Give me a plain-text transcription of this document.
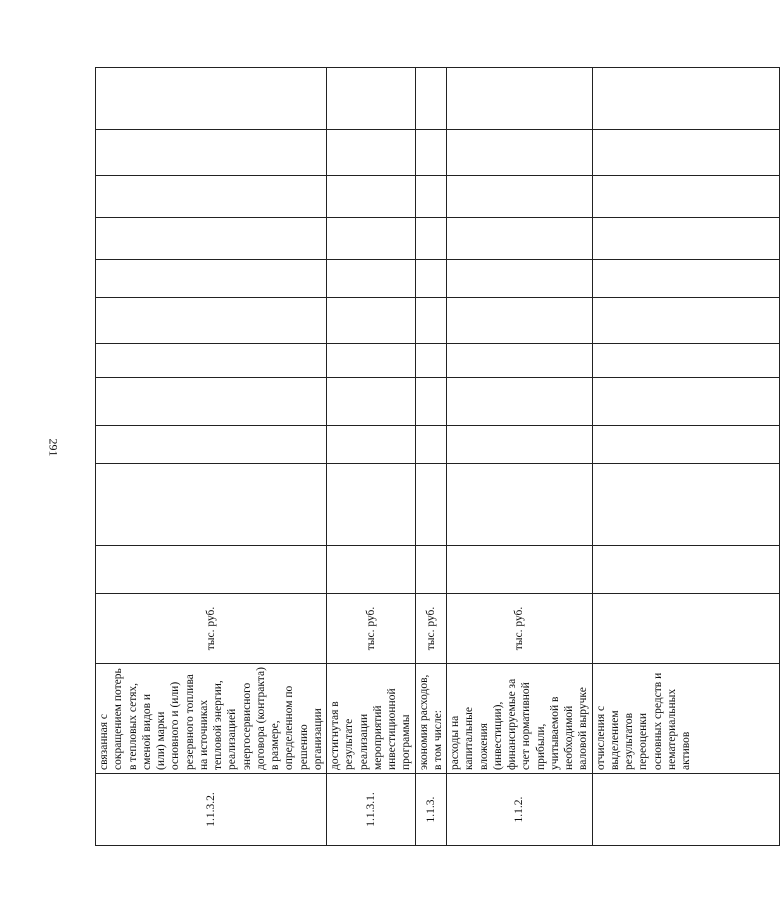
291
1.1.3.2.	связанная с сокращением потерь в тепловых сетях, сменой видов и (или) марки основного и (или) резервного топлива на источниках тепловой энергии, реализацией энергосервисного договора (контракта) в размере, определенном по решению организации	тыс. руб.											
1.1.3.1.	достигнутая в результате реализации мероприятий инвестиционной программы	тыс. руб.											
1.1.3.	экономия расходов, в том числе:	тыс. руб.											
1.1.2.	расходы на капитальные вложения (инвестиции), финансируемые за счет нормативной прибыли, учитываемой в необходимой валовой выручке	тыс. руб.											
	отчисления с выделением результатов переоценки основных средств и нематериальных активов												
